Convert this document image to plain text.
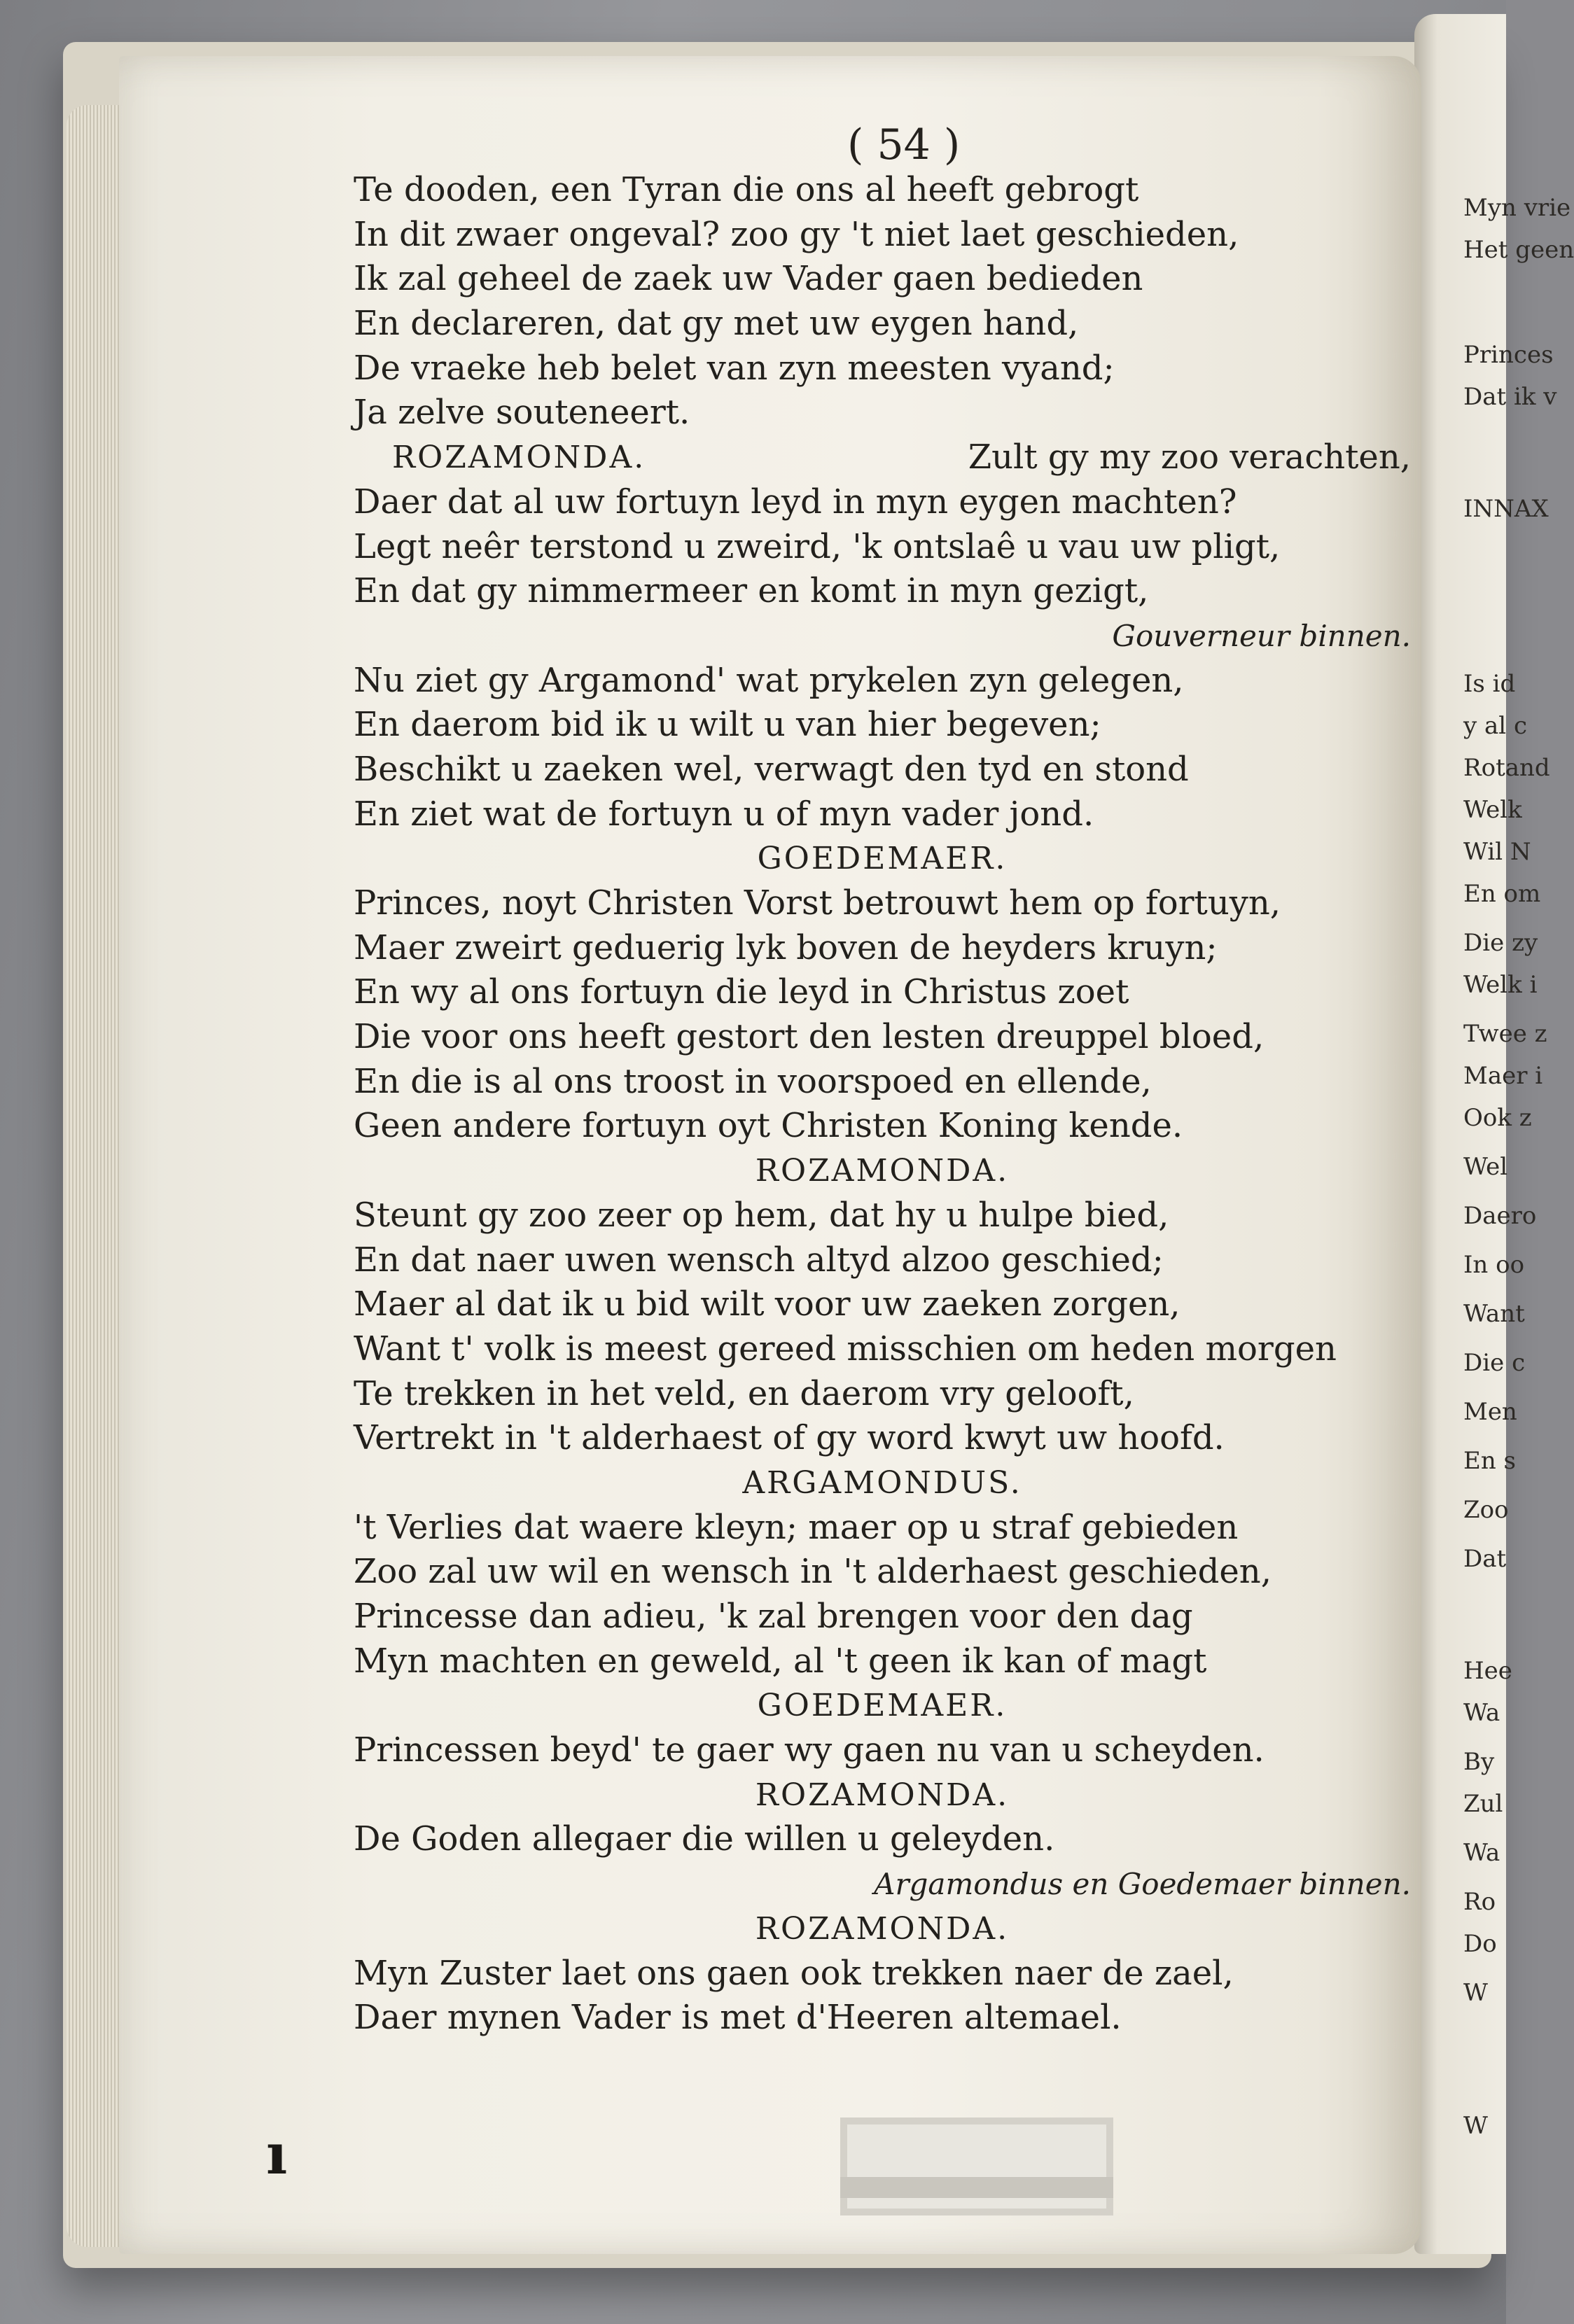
Myn vrie
Het geen
Princes
Dat ik v
INNAX
Is id
y al c
Rotand
Welk
Wil N
En om
Die zy
Welk i
Twee z
Maer i
Ook z
Wel
Daero
In oo
Want
Die c
Men
En s
Zoo
Dat
Hee
Wa
By
Zul
Wa
Ro
Do
W
W
( 54 )
Te dooden, een Tyran die ons al heeft gebrogt
In dit zwaer ongeval? zoo gy 't niet laet geschieden,
Ik zal geheel de zaek uw Vader gaen bedieden
En declareren, dat gy met uw eygen hand,
De vraeke heb belet van zyn meesten vyand;
Ja zelve souteneert.
ROZAMONDA.	Zult gy my zoo verachten,
Daer dat al uw fortuyn leyd in myn eygen machten?
Legt neêr terstond u zweird, 'k ontslaê u vau uw pligt,
En dat gy nimmermeer en komt in myn gezigt,
Gouverneur binnen.
Nu ziet gy Argamond' wat prykelen zyn gelegen,
En daerom bid ik u wilt u van hier begeven;
Beschikt u zaeken wel, verwagt den tyd en stond
En ziet wat de fortuyn u of myn vader jond.
GOEDEMAER.
Princes, noyt Christen Vorst betrouwt hem op fortuyn,
Maer zweirt geduerig lyk boven de heyders kruyn;
En wy al ons fortuyn die leyd in Christus zoet
Die voor ons heeft gestort den lesten dreuppel bloed,
En die is al ons troost in voorspoed en ellende,
Geen andere fortuyn oyt Christen Koning kende.
ROZAMONDA.
Steunt gy zoo zeer op hem, dat hy u hulpe bied,
En dat naer uwen wensch altyd alzoo geschied;
Maer al dat ik u bid wilt voor uw zaeken zorgen,
Want t' volk is meest gereed misschien om heden morgen
Te trekken in het veld, en daerom vry gelooft,
Vertrekt in 't alderhaest of gy word kwyt uw hoofd.
ARGAMONDUS.
't Verlies dat waere kleyn; maer op u straf gebieden
Zoo zal uw wil en wensch in 't alderhaest geschieden,
Princesse dan adieu, 'k zal brengen voor den dag
Myn machten en geweld, al 't geen ik kan of magt
GOEDEMAER.
Princessen beyd' te gaer wy gaen nu van u scheyden.
ROZAMONDA.
De Goden allegaer die willen u geleyden.
Argamondus en Goedemaer binnen.
ROZAMONDA.
Myn Zuster laet ons gaen ook trekken naer de zael,
Daer mynen Vader is met d'Heeren altemael.
ı
